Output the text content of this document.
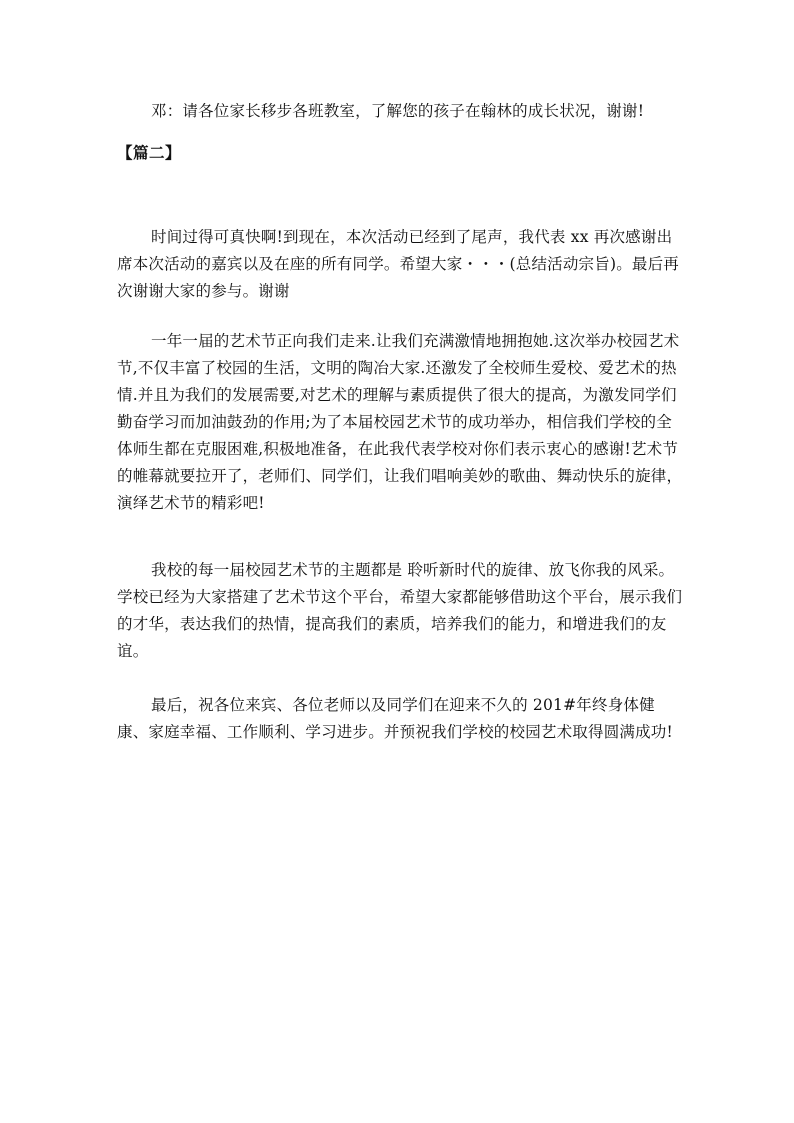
邓：请各位家长移步各班教室，了解您的孩子在翰林的成长状况，谢谢!

【篇二】

时间过得可真快啊!到现在，本次活动已经到了尾声，我代表 xx 再次感谢出席本次活动的嘉宾以及在座的所有同学。希望大家・・・(总结活动宗旨)。最后再次谢谢大家的参与。谢谢

一年一届的艺术节正向我们走来.让我们充满激情地拥抱她.这次举办校园艺术节,不仅丰富了校园的生活，文明的陶冶大家.还激发了全校师生爱校、爱艺术的热情.并且为我们的发展需要,对艺术的理解与素质提供了很大的提高，为激发同学们勤奋学习而加油鼓劲的作用;为了本届校园艺术节的成功举办，相信我们学校的全体师生都在克服困难,积极地准备，在此我代表学校对你们表示衷心的感谢!艺术节的帷幕就要拉开了，老师们、同学们，让我们唱响美妙的歌曲、舞动快乐的旋律，演绎艺术节的精彩吧!

我校的每一届校园艺术节的主题都是 聆听新时代的旋律、放飞你我的风采。学校已经为大家搭建了艺术节这个平台，希望大家都能够借助这个平台，展示我们的才华，表达我们的热情，提高我们的素质，培养我们的能力，和增进我们的友谊。

最后，祝各位来宾、各位老师以及同学们在迎来不久的 201#年终身体健康、家庭幸福、工作顺利、学习进步。并预祝我们学校的校园艺术取得圆满成功!
